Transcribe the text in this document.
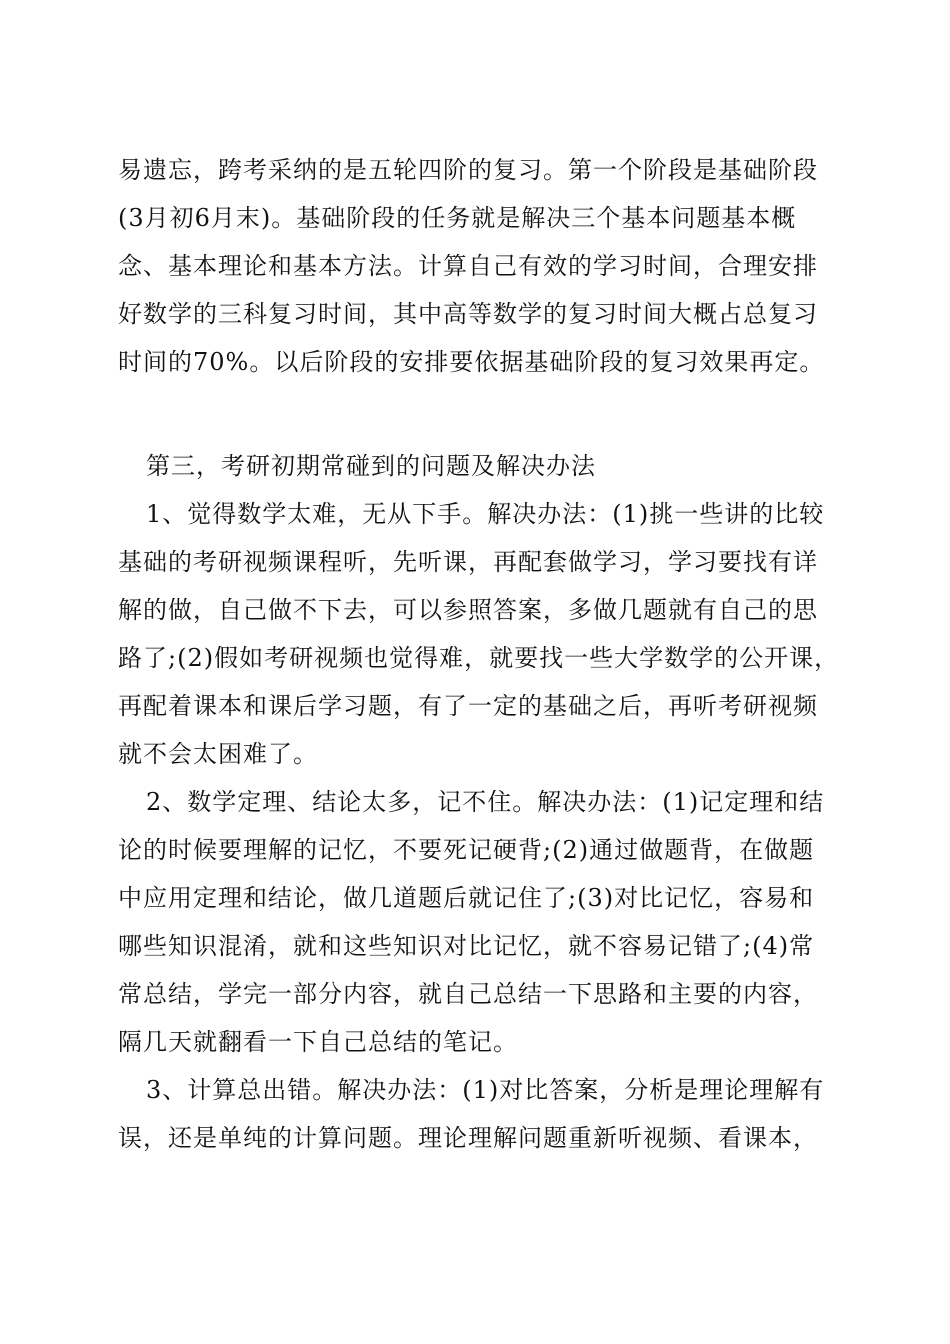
易遗忘，跨考采纳的是五轮四阶的复习。第一个阶段是基础阶段
(3月初6月末)。基础阶段的任务就是解决三个基本问题基本概
念、基本理论和基本方法。计算自己有效的学习时间，合理安排
好数学的三科复习时间，其中高等数学的复习时间大概占总复习
时间的70%。以后阶段的安排要依据基础阶段的复习效果再定。
第三，考研初期常碰到的问题及解决办法
1、觉得数学太难，无从下手。解决办法：(1)挑一些讲的比较
基础的考研视频课程听，先听课，再配套做学习，学习要找有详
解的做，自己做不下去，可以参照答案，多做几题就有自己的思
路了;(2)假如考研视频也觉得难，就要找一些大学数学的公开课，
再配着课本和课后学习题，有了一定的基础之后，再听考研视频
就不会太困难了。
2、数学定理、结论太多，记不住。解决办法：(1)记定理和结
论的时候要理解的记忆，不要死记硬背;(2)通过做题背，在做题
中应用定理和结论，做几道题后就记住了;(3)对比记忆，容易和
哪些知识混淆，就和这些知识对比记忆，就不容易记错了;(4)常
常总结，学完一部分内容，就自己总结一下思路和主要的内容，
隔几天就翻看一下自己总结的笔记。
3、计算总出错。解决办法：(1)对比答案，分析是理论理解有
误，还是单纯的计算问题。理论理解问题重新听视频、看课本，
